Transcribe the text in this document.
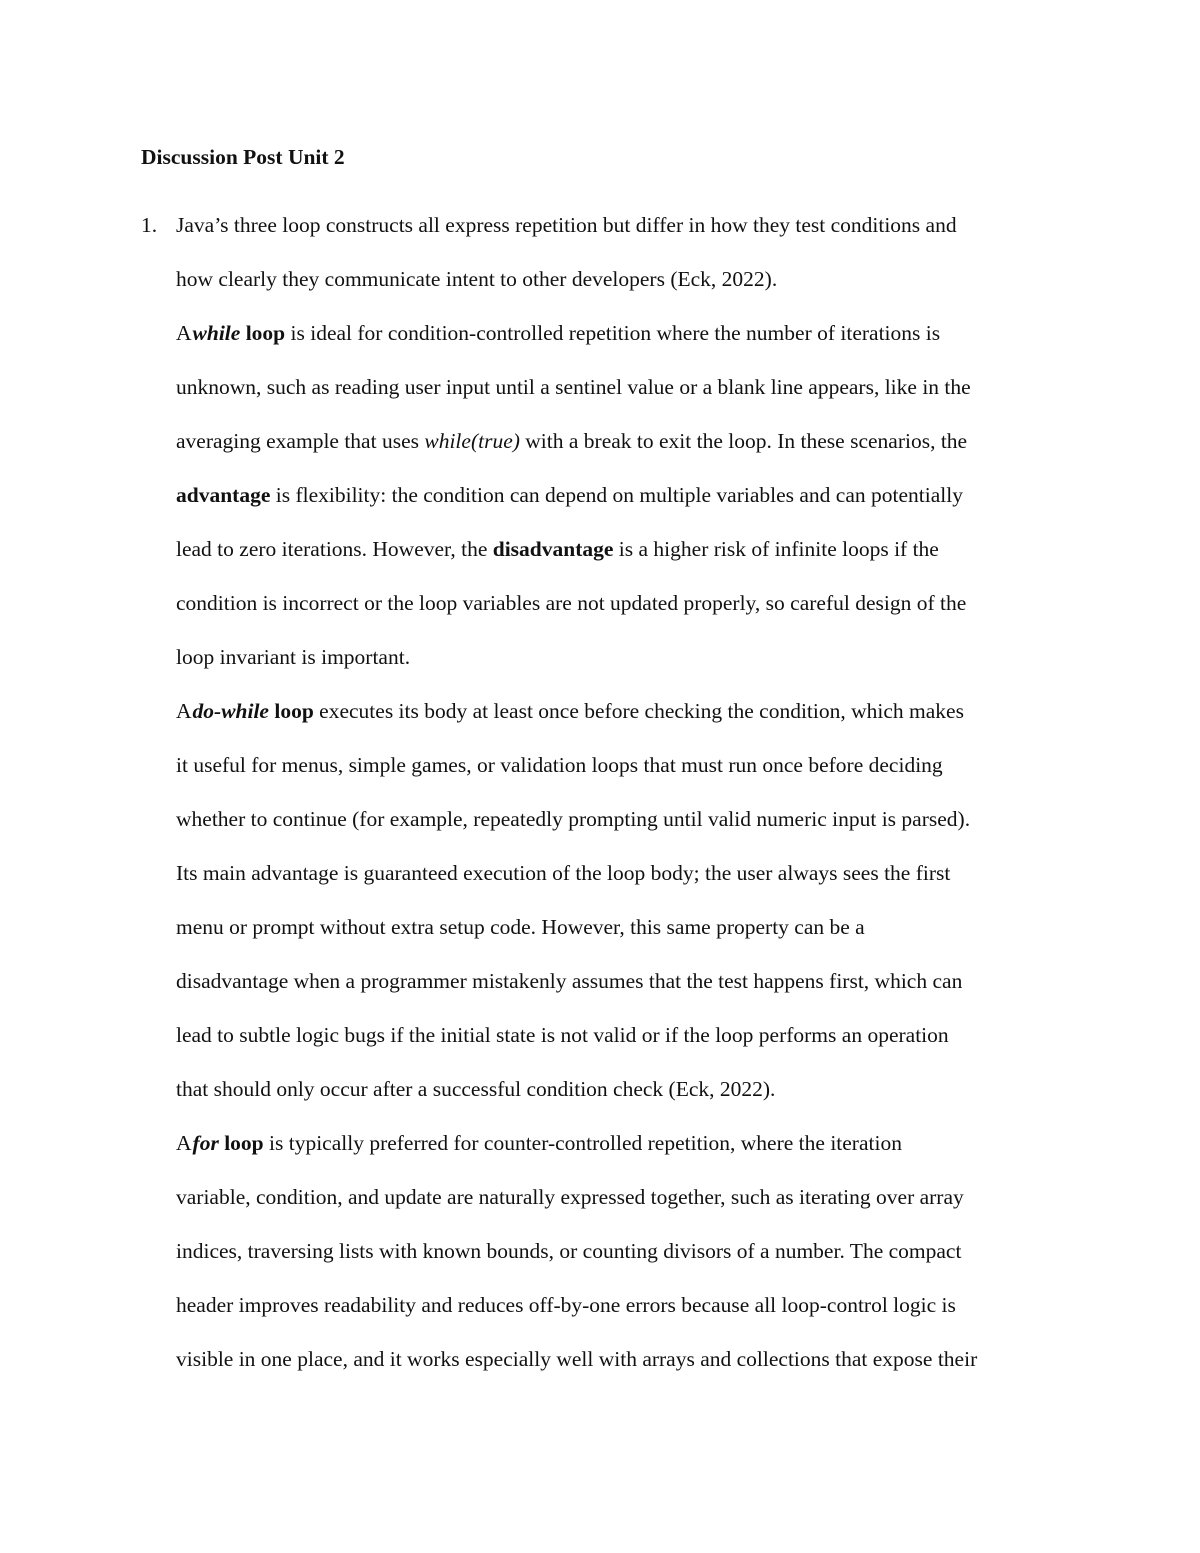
Discussion Post Unit 2
1. Java’s three loop constructs all express repetition but differ in how they test conditions and
how clearly they communicate intent to other developers (Eck, 2022).

Awhile loop is ideal for condition-controlled repetition where the number of iterations is
unknown, such as reading user input until a sentinel value or a blank line appears, like in the
averaging example that uses while(true) with a break to exit the loop. In these scenarios, the
advantage is flexibility: the condition can depend on multiple variables and can potentially
lead to zero iterations. However, the disadvantage is a higher risk of infinite loops if the
condition is incorrect or the loop variables are not updated properly, so careful design of the
loop invariant is important.

Ado-while loop executes its body at least once before checking the condition, which makes
it useful for menus, simple games, or validation loops that must run once before deciding
whether to continue (for example, repeatedly prompting until valid numeric input is parsed).
Its main advantage is guaranteed execution of the loop body; the user always sees the first
menu or prompt without extra setup code. However, this same property can be a
disadvantage when a programmer mistakenly assumes that the test happens first, which can
lead to subtle logic bugs if the initial state is not valid or if the loop performs an operation
that should only occur after a successful condition check (Eck, 2022).

Afor loop is typically preferred for counter-controlled repetition, where the iteration
variable, condition, and update are naturally expressed together, such as iterating over array
indices, traversing lists with known bounds, or counting divisors of a number. The compact
header improves readability and reduces off-by-one errors because all loop-control logic is
visible in one place, and it works especially well with arrays and collections that expose their
